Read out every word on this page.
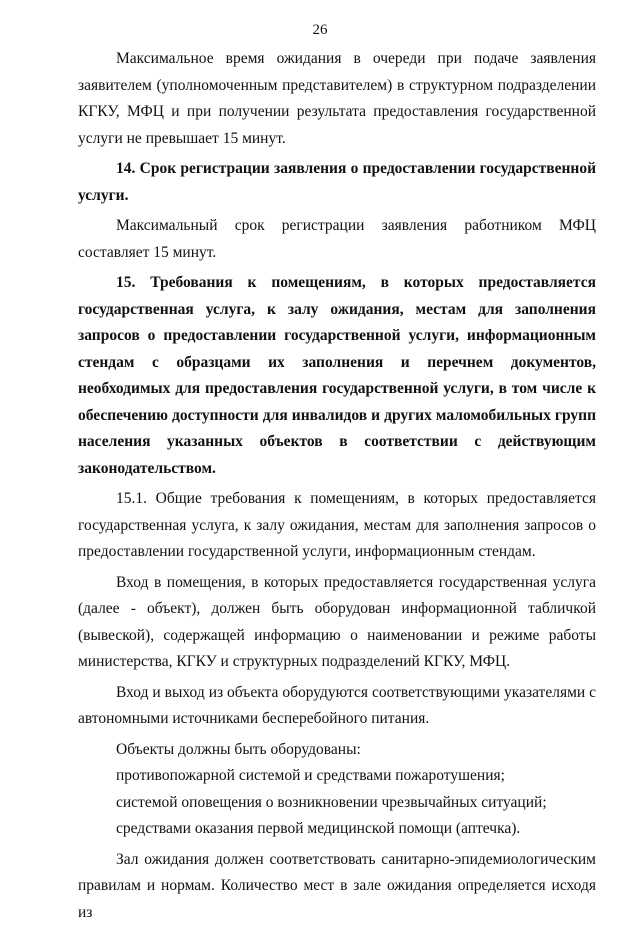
26

Максимальное время ожидания в очереди при подаче заявления заявителем (уполномоченным представителем) в структурном подразделении КГКУ, МФЦ и при получении результата предоставления государственной услуги не превышает 15 минут.

14. Срок регистрации заявления о предоставлении государственной услуги.

Максимальный срок регистрации заявления работником МФЦ составляет 15 минут.

15. Требования к помещениям, в которых предоставляется государственная услуга, к залу ожидания, местам для заполнения запросов о предоставлении государственной услуги, информационным стендам с образцами их заполнения и перечнем документов, необходимых для предоставления государственной услуги, в том числе к обеспечению доступности для инвалидов и других маломобильных групп населения указанных объектов в соответствии с действующим законодательством.

15.1. Общие требования к помещениям, в которых предоставляется государственная услуга, к залу ожидания, местам для заполнения запросов о предоставлении государственной услуги, информационным стендам.

Вход в помещения, в которых предоставляется государственная услуга (далее - объект), должен быть оборудован информационной табличкой (вывеской), содержащей информацию о наименовании и режиме работы министерства, КГКУ и структурных подразделений КГКУ, МФЦ.

Вход и выход из объекта оборудуются соответствующими указателями с автономными источниками бесперебойного питания.

Объекты должны быть оборудованы:

противопожарной системой и средствами пожаротушения;

системой оповещения о возникновении чрезвычайных ситуаций;

средствами оказания первой медицинской помощи (аптечка).

Зал ожидания должен соответствовать санитарно-эпидемиологическим правилам и нормам. Количество мест в зале ожидания определяется исходя из
